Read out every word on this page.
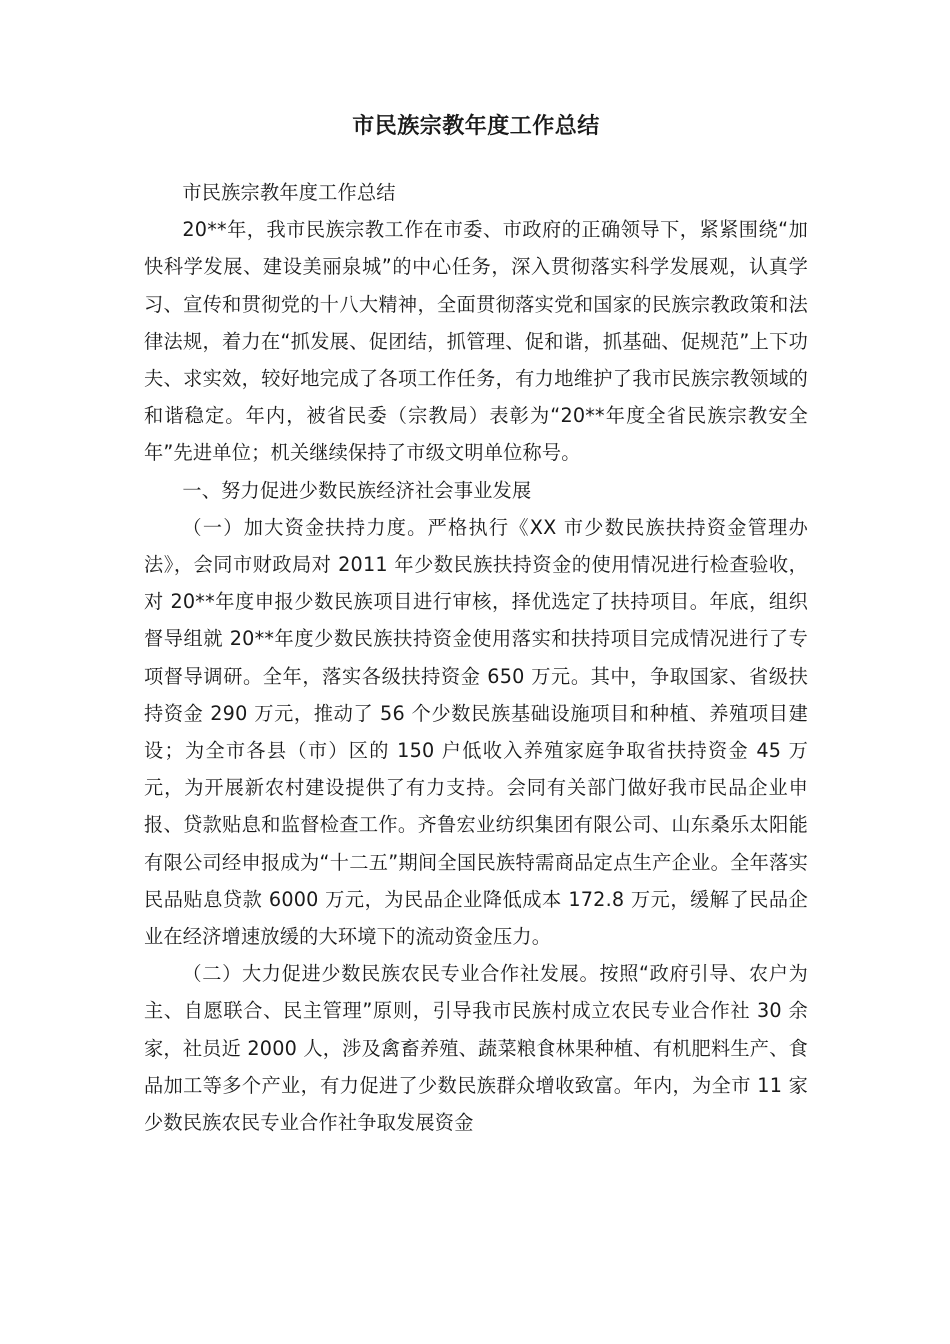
市民族宗教年度工作总结

市民族宗教年度工作总结

20**年，我市民族宗教工作在市委、市政府的正确领导下，紧紧围绕“加快科学发展、建设美丽泉城”的中心任务，深入贯彻落实科学发展观，认真学习、宣传和贯彻党的十八大精神，全面贯彻落实党和国家的民族宗教政策和法律法规，着力在“抓发展、促团结，抓管理、促和谐，抓基础、促规范”上下功夫、求实效，较好地完成了各项工作任务，有力地维护了我市民族宗教领域的和谐稳定。年内，被省民委（宗教局）表彰为“20**年度全省民族宗教安全年”先进单位；机关继续保持了市级文明单位称号。

一、努力促进少数民族经济社会事业发展

（一）加大资金扶持力度。严格执行《XX 市少数民族扶持资金管理办法》，会同市财政局对 2011 年少数民族扶持资金的使用情况进行检查验收，对 20**年度申报少数民族项目进行审核，择优选定了扶持项目。年底，组织督导组就 20**年度少数民族扶持资金使用落实和扶持项目完成情况进行了专项督导调研。全年，落实各级扶持资金 650 万元。其中，争取国家、省级扶持资金 290 万元，推动了 56 个少数民族基础设施项目和种植、养殖项目建设；为全市各县（市）区的 150 户低收入养殖家庭争取省扶持资金 45 万元，为开展新农村建设提供了有力支持。会同有关部门做好我市民品企业申报、贷款贴息和监督检查工作。齐鲁宏业纺织集团有限公司、山东桑乐太阳能有限公司经申报成为“十二五”期间全国民族特需商品定点生产企业。全年落实民品贴息贷款 6000 万元，为民品企业降低成本 172.8 万元，缓解了民品企业在经济增速放缓的大环境下的流动资金压力。

（二）大力促进少数民族农民专业合作社发展。按照“政府引导、农户为主、自愿联合、民主管理”原则，引导我市民族村成立农民专业合作社 30 余家，社员近 2000 人，涉及禽畜养殖、蔬菜粮食林果种植、有机肥料生产、食品加工等多个产业，有力促进了少数民族群众增收致富。年内，为全市 11 家少数民族农民专业合作社争取发展资金
